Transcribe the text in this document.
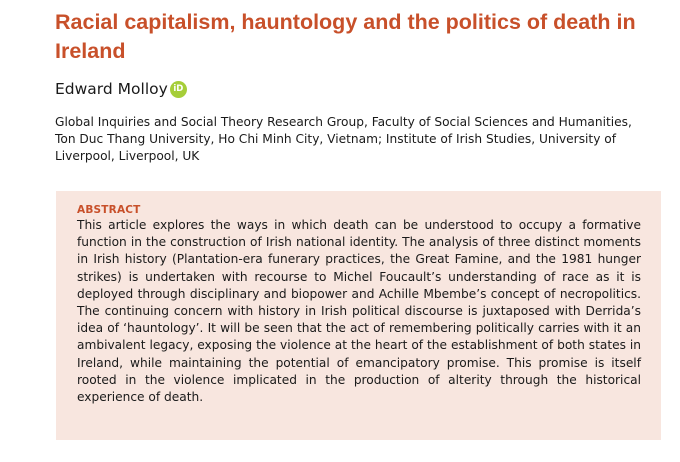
Racial capitalism, hauntology and the politics of death in Ireland
Edward Molloy iD

Global Inquiries and Social Theory Research Group, Faculty of Social Sciences and Humanities, Ton Duc Thang University, Ho Chi Minh City, Vietnam; Institute of Irish Studies, University of Liverpool, Liverpool, UK

ABSTRACT

This article explores the ways in which death can be understood to occupy a formative function in the construction of Irish national identity. The analysis of three distinct moments in Irish history (Plantation-era funerary practices, the Great Famine, and the 1981 hunger strikes) is undertaken with recourse to Michel Foucault’s understanding of race as it is deployed through disciplinary and biopower and Achille Mbembe’s concept of necropolitics. The continuing concern with history in Irish political discourse is juxtaposed with Derrida’s idea of ‘hauntology’. It will be seen that the act of remembering politically carries with it an ambivalent legacy, exposing the violence at the heart of the establishment of both states in Ireland, while maintaining the potential of emancipatory promise. This promise is itself rooted in the violence implicated in the production of alterity through the historical experience of death.
